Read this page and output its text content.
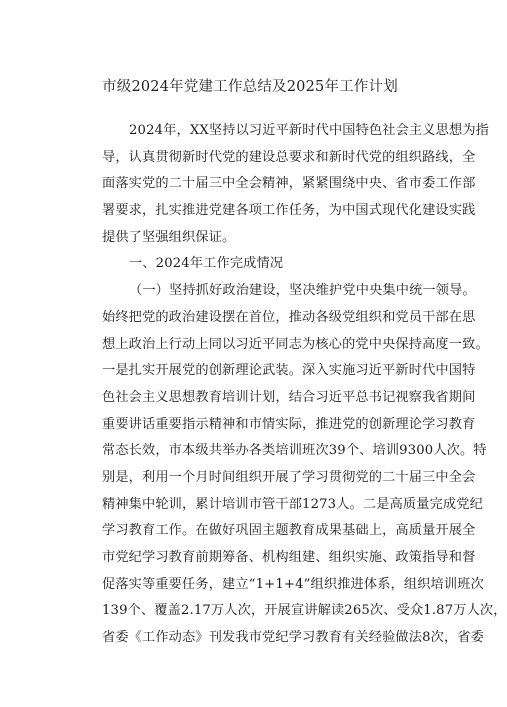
市级2024年党建工作总结及2025年工作计划
2024年，XX坚持以习近平新时代中国特色社会主义思想为指
导，认真贯彻新时代党的建设总要求和新时代党的组织路线，全
面落实党的二十届三中全会精神，紧紧围绕中央、省市委工作部
署要求，扎实推进党建各项工作任务，为中国式现代化建设实践
提供了坚强组织保证。
一、2024年工作完成情况
（一）坚持抓好政治建设，坚决维护党中央集中统一领导。
始终把党的政治建设摆在首位，推动各级党组织和党员干部在思
想上政治上行动上同以习近平同志为核心的党中央保持高度一致。
一是扎实开展党的创新理论武装。深入实施习近平新时代中国特
色社会主义思想教育培训计划，结合习近平总书记视察我省期间
重要讲话重要指示精神和市情实际，推进党的创新理论学习教育
常态长效，市本级共举办各类培训班次39个、培训9300人次。特
别是，利用一个月时间组织开展了学习贯彻党的二十届三中全会
精神集中轮训，累计培训市管干部1273人。二是高质量完成党纪
学习教育工作。在做好巩固主题教育成果基础上，高质量开展全
市党纪学习教育前期筹备、机构组建、组织实施、政策指导和督
促落实等重要任务，建立“1+1+4”组织推进体系，组织培训班次
139个、覆盖2.17万人次，开展宣讲解读265次、受众1.87万人次，
省委《工作动态》刊发我市党纪学习教育有关经验做法8次，省委
